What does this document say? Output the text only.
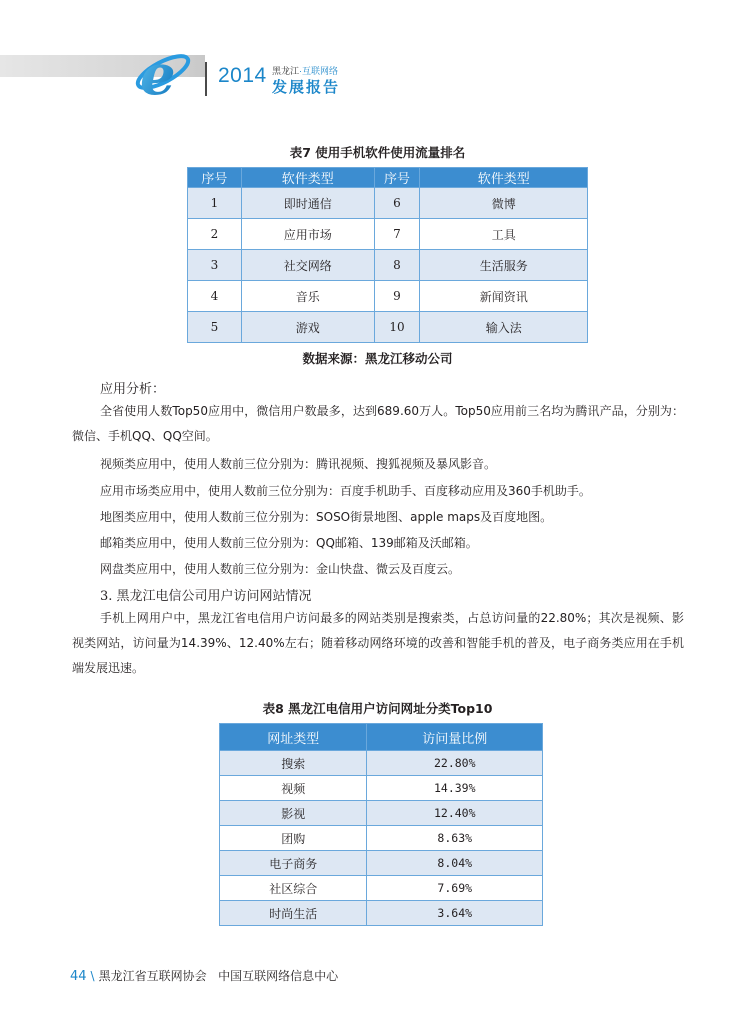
e 2014 黑龙江·互联网络
发展报告
表7 使用手机软件使用流量排名
序号	软件类型	序号	软件类型
1	即时通信	6	微博
2	应用市场	7	工具
3	社交网络	8	生活服务
4	音乐	9	新闻资讯
5	游戏	10	输入法
数据来源：黑龙江移动公司
应用分析：
全省使用人数Top50应用中，微信用户数最多，达到689.60万人。Top50应用前三名均为腾讯产品，分别为：微信、手机QQ、QQ空间。
视频类应用中，使用人数前三位分别为：腾讯视频、搜狐视频及暴风影音。
应用市场类应用中，使用人数前三位分别为：百度手机助手、百度移动应用及360手机助手。
地图类应用中，使用人数前三位分别为：SOSO街景地图、apple maps及百度地图。
邮箱类应用中，使用人数前三位分别为：QQ邮箱、139邮箱及沃邮箱。
网盘类应用中，使用人数前三位分别为：金山快盘、微云及百度云。
3. 黑龙江电信公司用户访问网站情况
手机上网用户中，黑龙江省电信用户访问最多的网站类别是搜索类，占总访问量的22.80%；其次是视频、影视类网站，访问量为14.39%、12.40%左右；随着移动网络环境的改善和智能手机的普及，电子商务类应用在手机端发展迅速。
表8 黑龙江电信用户访问网址分类Top10
网址类型	访问量比例
搜索	22.80%
视频	14.39%
影视	12.40%
团购	8.63%
电子商务	8.04%
社区综合	7.69%
时尚生活	3.64%
44 \ 黑龙江省互联网协会 中国互联网络信息中心
